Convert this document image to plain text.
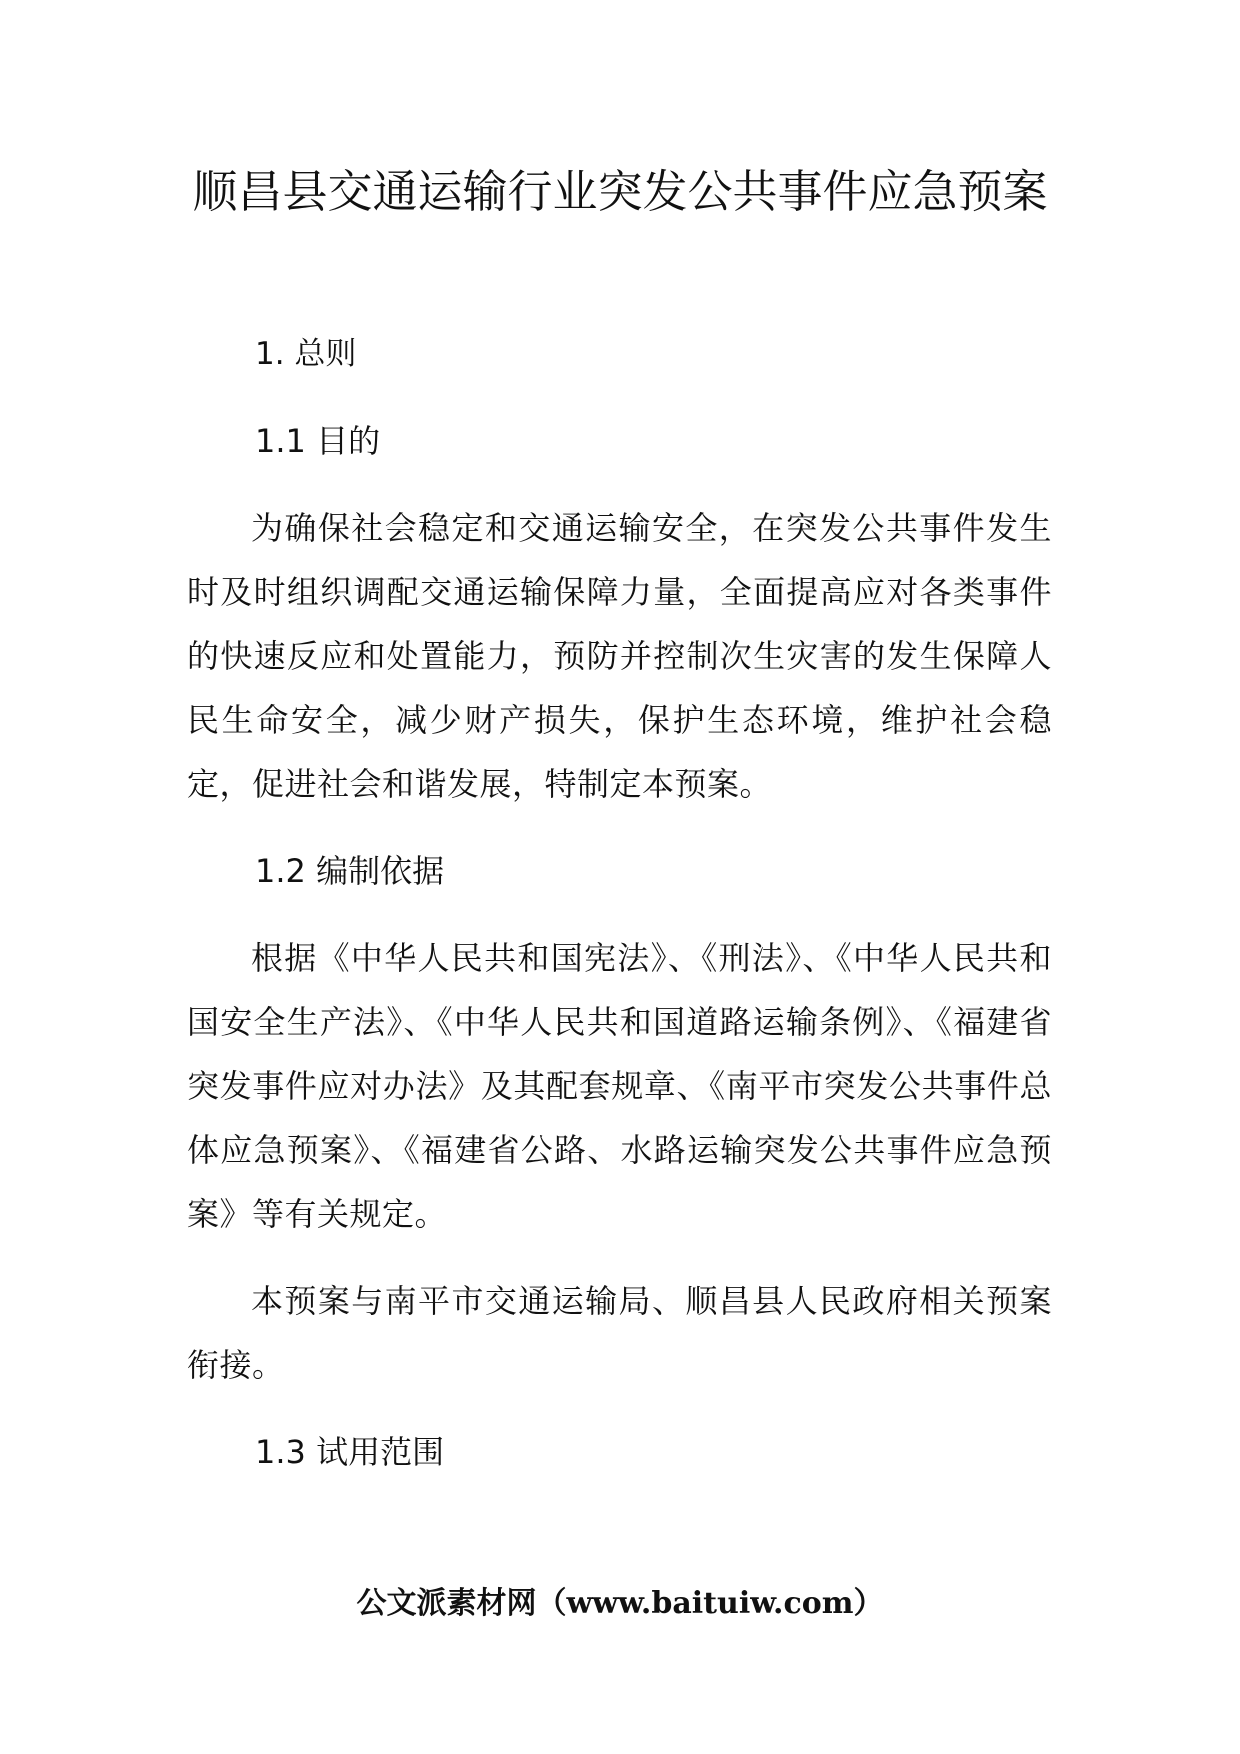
顺昌县交通运输行业突发公共事件应急预案

1. 总则

1.1 目的

为确保社会稳定和交通运输安全，在突发公共事件发生时及时组织调配交通运输保障力量，全面提高应对各类事件的快速反应和处置能力，预防并控制次生灾害的发生保障人民生命安全，减少财产损失，保护生态环境，维护社会稳定，促进社会和谐发展，特制定本预案。

1.2 编制依据

根据《中华人民共和国宪法》、《刑法》、《中华人民共和国安全生产法》、《中华人民共和国道路运输条例》、《福建省突发事件应对办法》及其配套规章、《南平市突发公共事件总体应急预案》、《福建省公路、水路运输突发公共事件应急预案》等有关规定。

本预案与南平市交通运输局、顺昌县人民政府相关预案衔接。

1.3 试用范围

公文派素材网（www.baituiw.com）
